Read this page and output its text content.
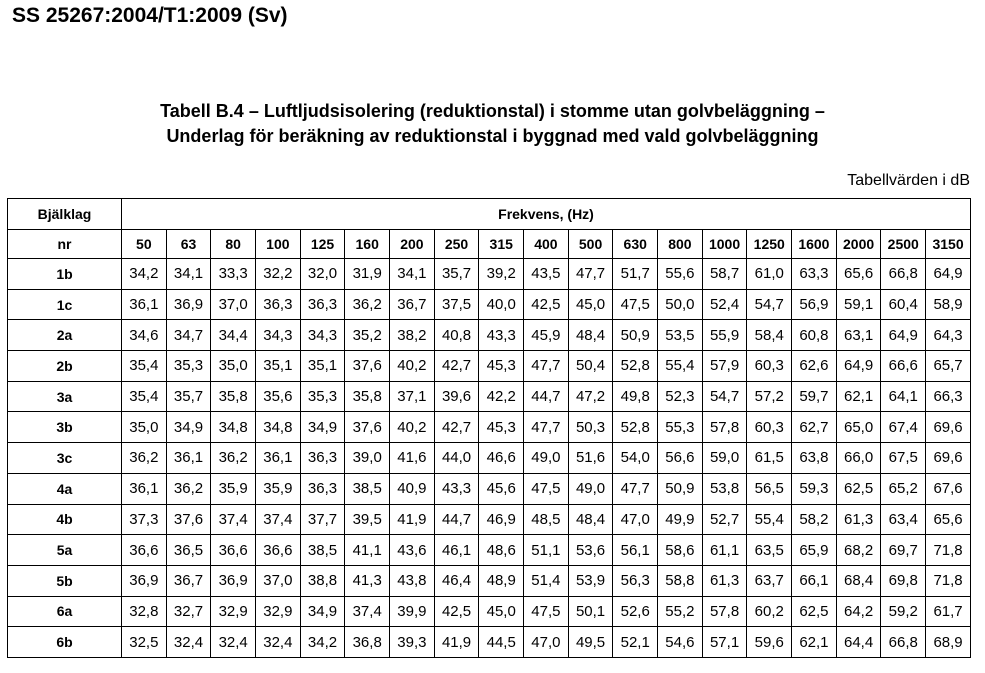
SS 25267:2004/T1:2009 (Sv)
Tabell B.4 – Luftljudsisolering (reduktionstal) i stomme utan golvbeläggning –
Underlag för beräkning av reduktionstal i byggnad med vald golvbeläggning
Tabellvärden i dB
Bjälklag	Frekvens, (Hz)																		
nr	50	63	80	100	125	160	200	250	315	400	500	630	800	1000	1250	1600	2000	2500	3150
1b	34,2	34,1	33,3	32,2	32,0	31,9	34,1	35,7	39,2	43,5	47,7	51,7	55,6	58,7	61,0	63,3	65,6	66,8	64,9
1c	36,1	36,9	37,0	36,3	36,3	36,2	36,7	37,5	40,0	42,5	45,0	47,5	50,0	52,4	54,7	56,9	59,1	60,4	58,9
2a	34,6	34,7	34,4	34,3	34,3	35,2	38,2	40,8	43,3	45,9	48,4	50,9	53,5	55,9	58,4	60,8	63,1	64,9	64,3
2b	35,4	35,3	35,0	35,1	35,1	37,6	40,2	42,7	45,3	47,7	50,4	52,8	55,4	57,9	60,3	62,6	64,9	66,6	65,7
3a	35,4	35,7	35,8	35,6	35,3	35,8	37,1	39,6	42,2	44,7	47,2	49,8	52,3	54,7	57,2	59,7	62,1	64,1	66,3
3b	35,0	34,9	34,8	34,8	34,9	37,6	40,2	42,7	45,3	47,7	50,3	52,8	55,3	57,8	60,3	62,7	65,0	67,4	69,6
3c	36,2	36,1	36,2	36,1	36,3	39,0	41,6	44,0	46,6	49,0	51,6	54,0	56,6	59,0	61,5	63,8	66,0	67,5	69,6
4a	36,1	36,2	35,9	35,9	36,3	38,5	40,9	43,3	45,6	47,5	49,0	47,7	50,9	53,8	56,5	59,3	62,5	65,2	67,6
4b	37,3	37,6	37,4	37,4	37,7	39,5	41,9	44,7	46,9	48,5	48,4	47,0	49,9	52,7	55,4	58,2	61,3	63,4	65,6
5a	36,6	36,5	36,6	36,6	38,5	41,1	43,6	46,1	48,6	51,1	53,6	56,1	58,6	61,1	63,5	65,9	68,2	69,7	71,8
5b	36,9	36,7	36,9	37,0	38,8	41,3	43,8	46,4	48,9	51,4	53,9	56,3	58,8	61,3	63,7	66,1	68,4	69,8	71,8
6a	32,8	32,7	32,9	32,9	34,9	37,4	39,9	42,5	45,0	47,5	50,1	52,6	55,2	57,8	60,2	62,5	64,2	59,2	61,7
6b	32,5	32,4	32,4	32,4	34,2	36,8	39,3	41,9	44,5	47,0	49,5	52,1	54,6	57,1	59,6	62,1	64,4	66,8	68,9
